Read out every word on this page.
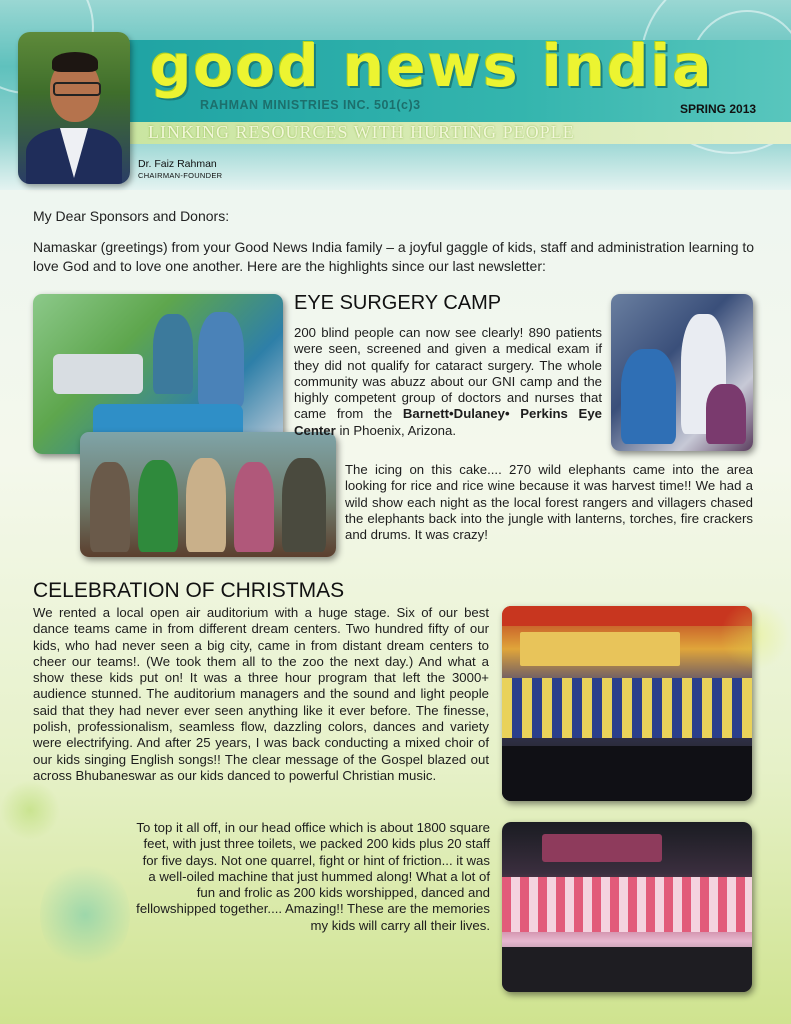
good news india
RAHMAN MINISTRIES INC. 501(c)3	SPRING 2013
LINKING RESOURCES WITH HURTING PEOPLE
Dr. Faiz Rahman
CHAIRMAN-FOUNDER
My Dear Sponsors and Donors:
Namaskar (greetings) from your Good News India family – a joyful gaggle of kids, staff and administration learning to love God and to love one another. Here are the highlights since our last newsletter:
EYE SURGERY CAMP
200 blind people can now see clearly! 890 patients were seen, screened and given a medical exam if they did not qualify for cataract surgery. The whole community was abuzz about our GNI camp and the highly competent group of doctors and nurses that came from the Barnett•Dulaney• Perkins Eye Center in Phoenix, Arizona.
The icing on this cake.... 270 wild elephants came into the area looking for rice and rice wine because it was harvest time!! We had a wild show each night as the local forest rangers and villagers chased the elephants back into the jungle with lanterns, torches, fire crackers and drums. It was crazy!
CELEBRATION OF CHRISTMAS
We rented a local open air auditorium with a huge stage. Six of our best dance teams came in from different dream centers. Two hundred fifty of our kids, who had never seen a big city, came in from distant dream centers to cheer our teams!. (We took them all to the zoo the next day.) And what a show these kids put on! It was a three hour program that left the 3000+ audience stunned. The auditorium managers and the sound and light people said that they had never ever seen anything like it ever before. The finesse, polish, professionalism, seamless flow, dazzling colors, dances and variety were electrifying. And after 25 years, I was back conducting a mixed choir of our kids singing English songs!! The clear message of the Gospel blazed out across Bhubaneswar as our kids danced to powerful Christian music.
To top it all off, in our head office which is about 1800 square feet, with just three toilets, we packed 200 kids plus 20 staff for five days. Not one quarrel, fight or hint of friction... it was a well-oiled machine that just hummed along! What a lot of fun and frolic as 200 kids worshipped, danced and fellowshipped together.... Amazing!! These are the memories my kids will carry all their lives.
